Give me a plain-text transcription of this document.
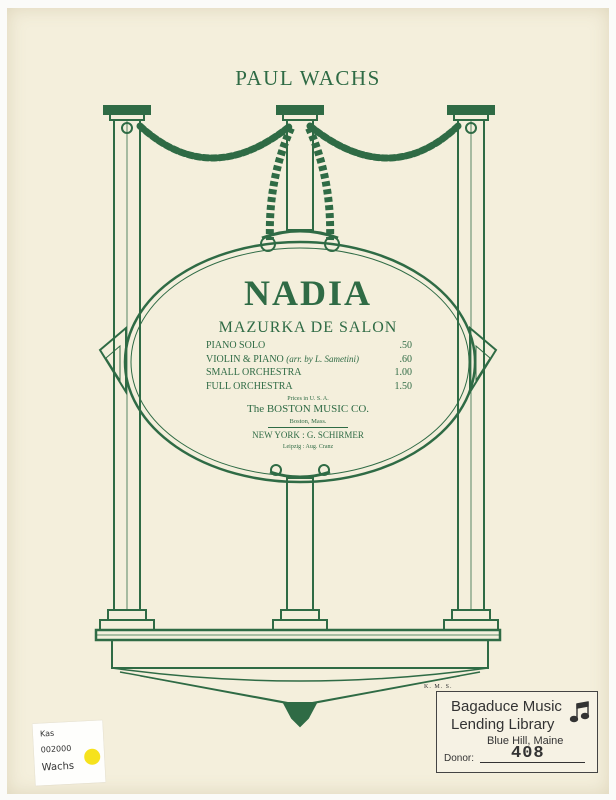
PAUL WACHS
NADIA
MAZURKA DE SALON
PIANO SOLO	.50
VIOLIN & PIANO (arr. by L. Sametini)	.60
SMALL ORCHESTRA	1.00
FULL ORCHESTRA	1.50
Prices in U. S. A.
The BOSTON MUSIC CO.
Boston, Mass.
NEW YORK : G. SCHIRMER
Leipzig : Aug. Cranz
K. M. S.
Bagaduce Music
Lending Library
Blue Hill, Maine
Donor: 408
Kas
002000
Wachs
